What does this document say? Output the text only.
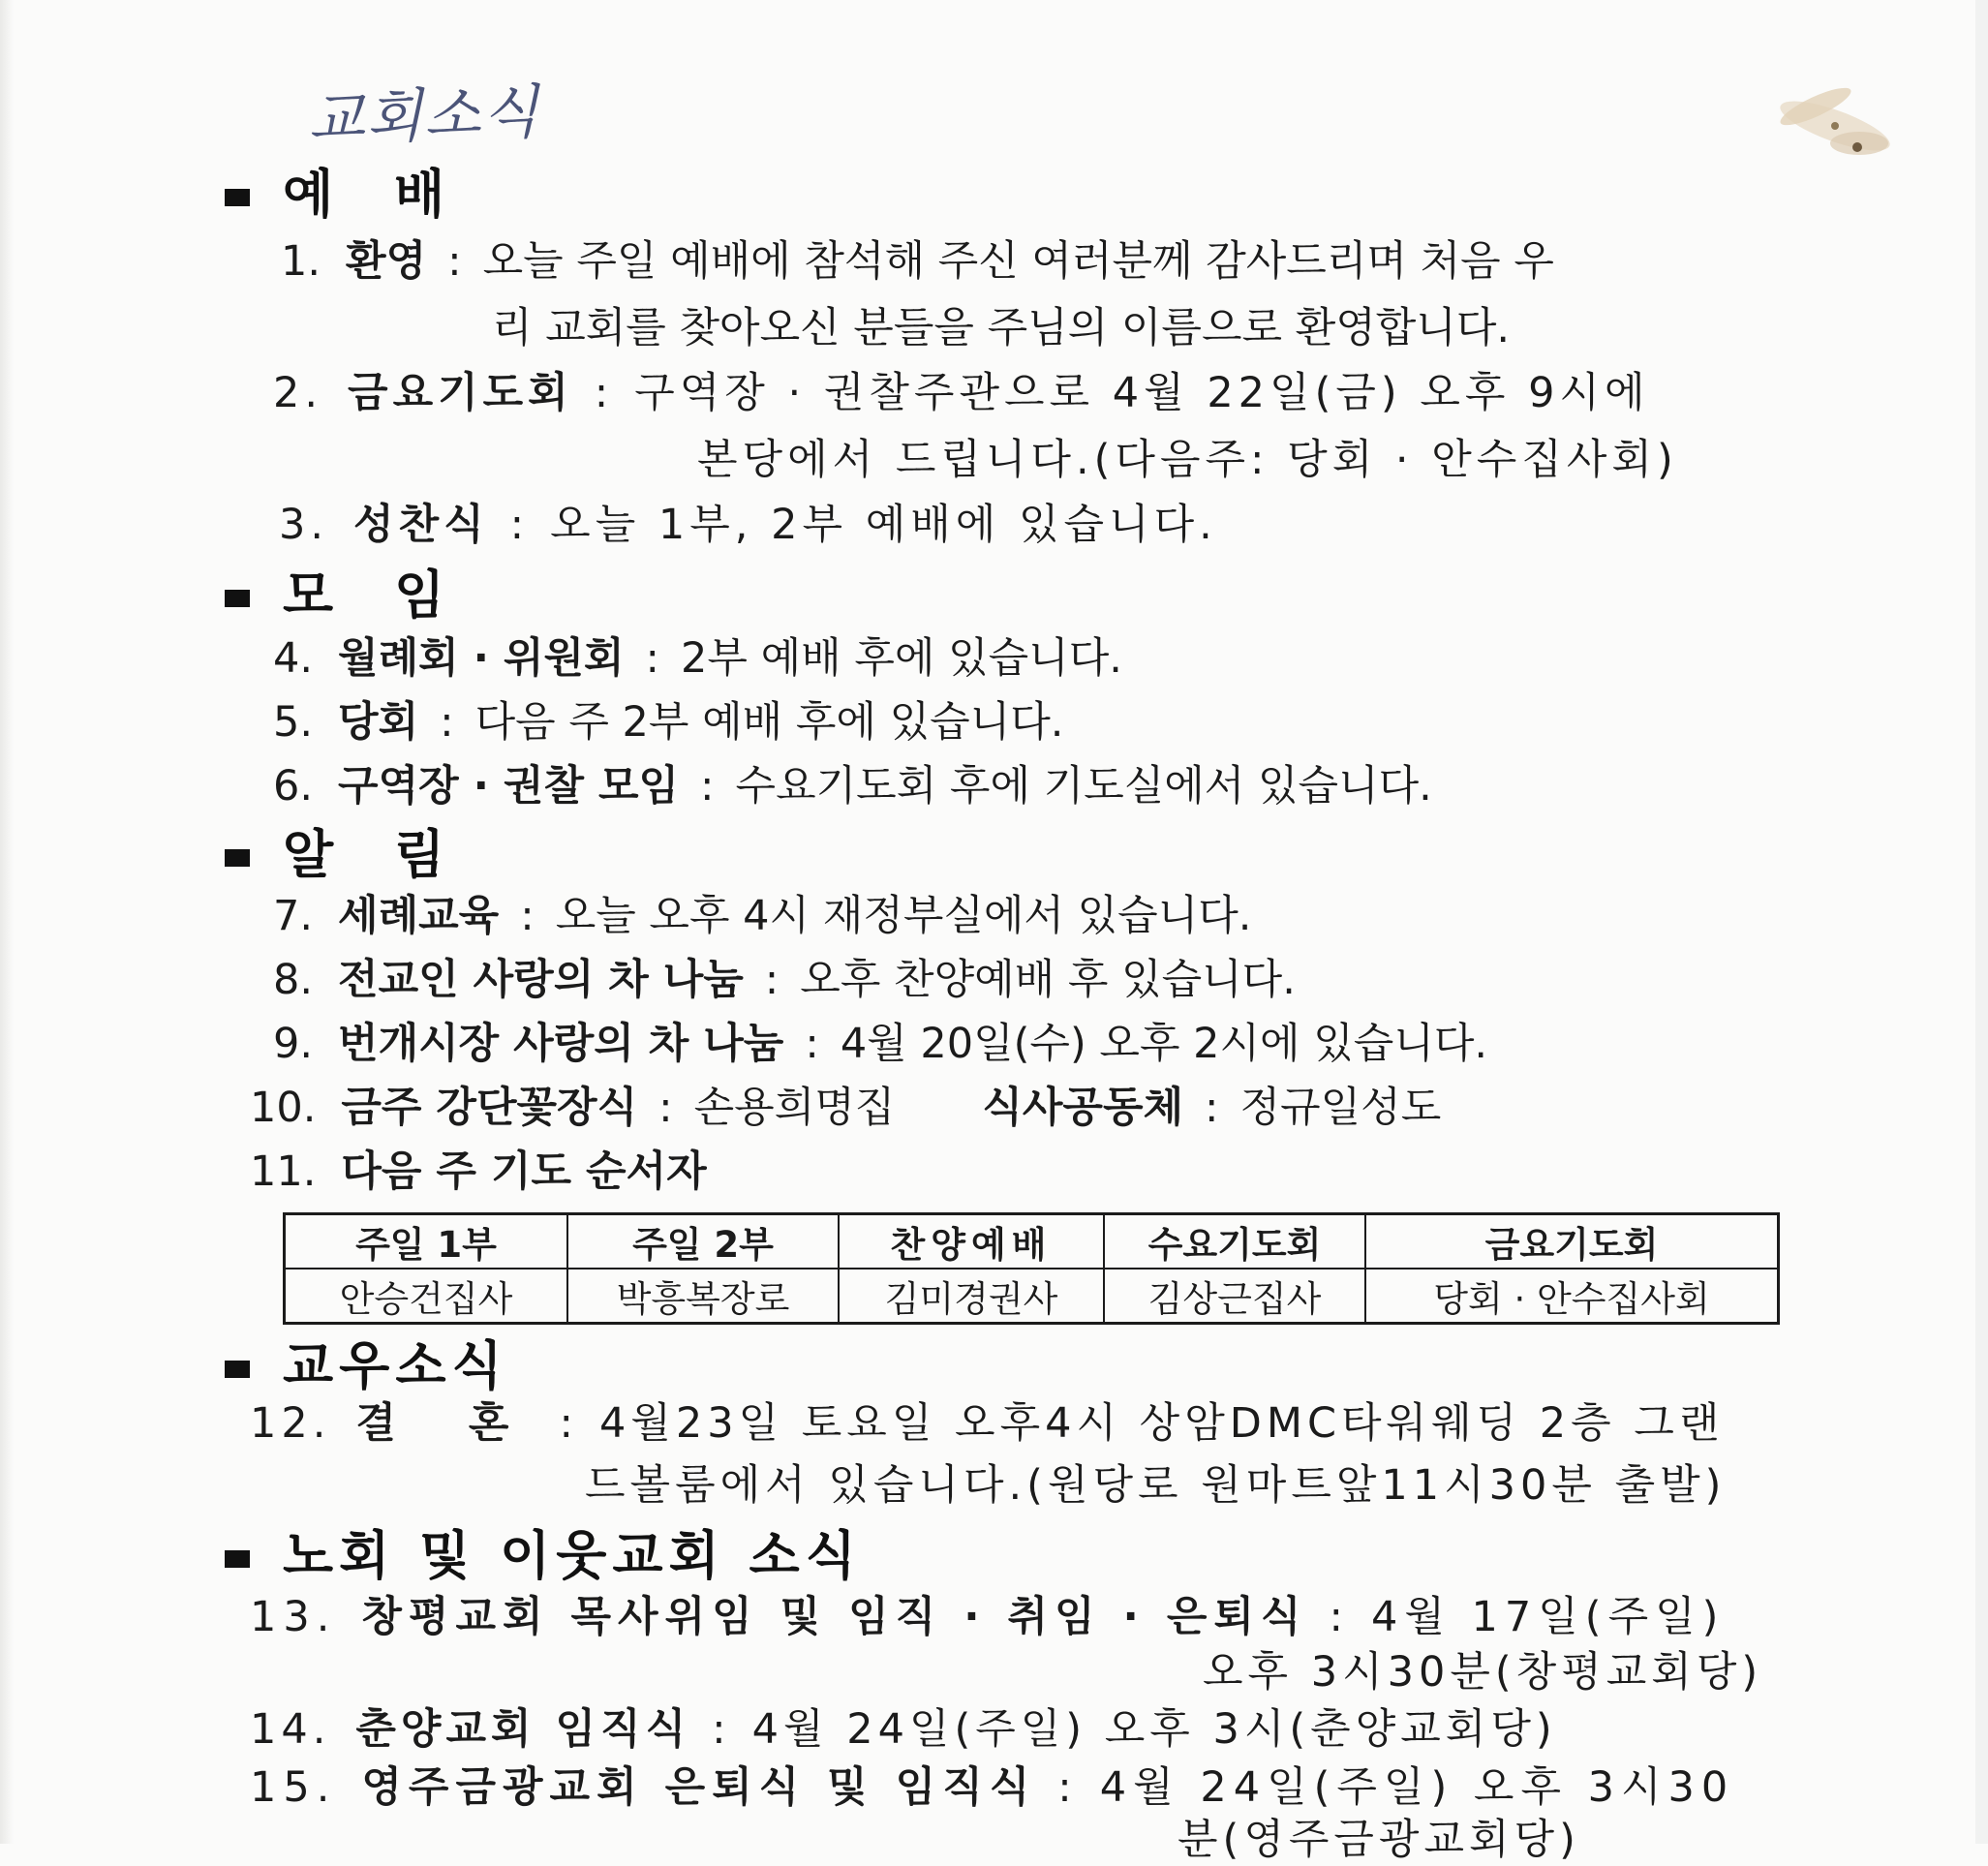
교회소식
예 배
1. 환영 : 오늘 주일 예배에 참석해 주신 여러분께 감사드리며 처음 우
리 교회를 찾아오신 분들을 주님의 이름으로 환영합니다.
2. 금요기도회 : 구역장 · 권찰주관으로 4월 22일(금) 오후 9시에
본당에서 드립니다.(다음주: 당회 · 안수집사회)
3. 성찬식 : 오늘 1부, 2부 예배에 있습니다.
모 임
4. 월례회 · 위원회 : 2부 예배 후에 있습니다.
5. 당회 : 다음 주 2부 예배 후에 있습니다.
6. 구역장 · 권찰 모임 : 수요기도회 후에 기도실에서 있습니다.
알 림
7. 세례교육 : 오늘 오후 4시 재정부실에서 있습니다.
8. 전교인 사랑의 차 나눔 : 오후 찬양예배 후 있습니다.
9. 번개시장 사랑의 차 나눔 : 4월 20일(수) 오후 2시에 있습니다.
10. 금주 강단꽃장식 : 손용희명집 식사공동체 : 정규일성도
11. 다음 주 기도 순서자
주일 1부	주일 2부	찬양예배	수요기도회	금요기도회
안승건집사	박흥복장로	김미경권사	김상근집사	당회 · 안수집사회
교우소식
12. 결 혼 : 4월23일 토요일 오후4시 상암DMC타워웨딩 2층 그랜
드볼룸에서 있습니다.(원당로 원마트앞11시30분 출발)
노회 및 이웃교회 소식
13. 창평교회 목사위임 및 임직 · 취임 · 은퇴식 : 4월 17일(주일)
오후 3시30분(창평교회당)
14. 춘양교회 임직식 : 4월 24일(주일) 오후 3시(춘양교회당)
15. 영주금광교회 은퇴식 및 임직식 : 4월 24일(주일) 오후 3시30
분(영주금광교회당)
